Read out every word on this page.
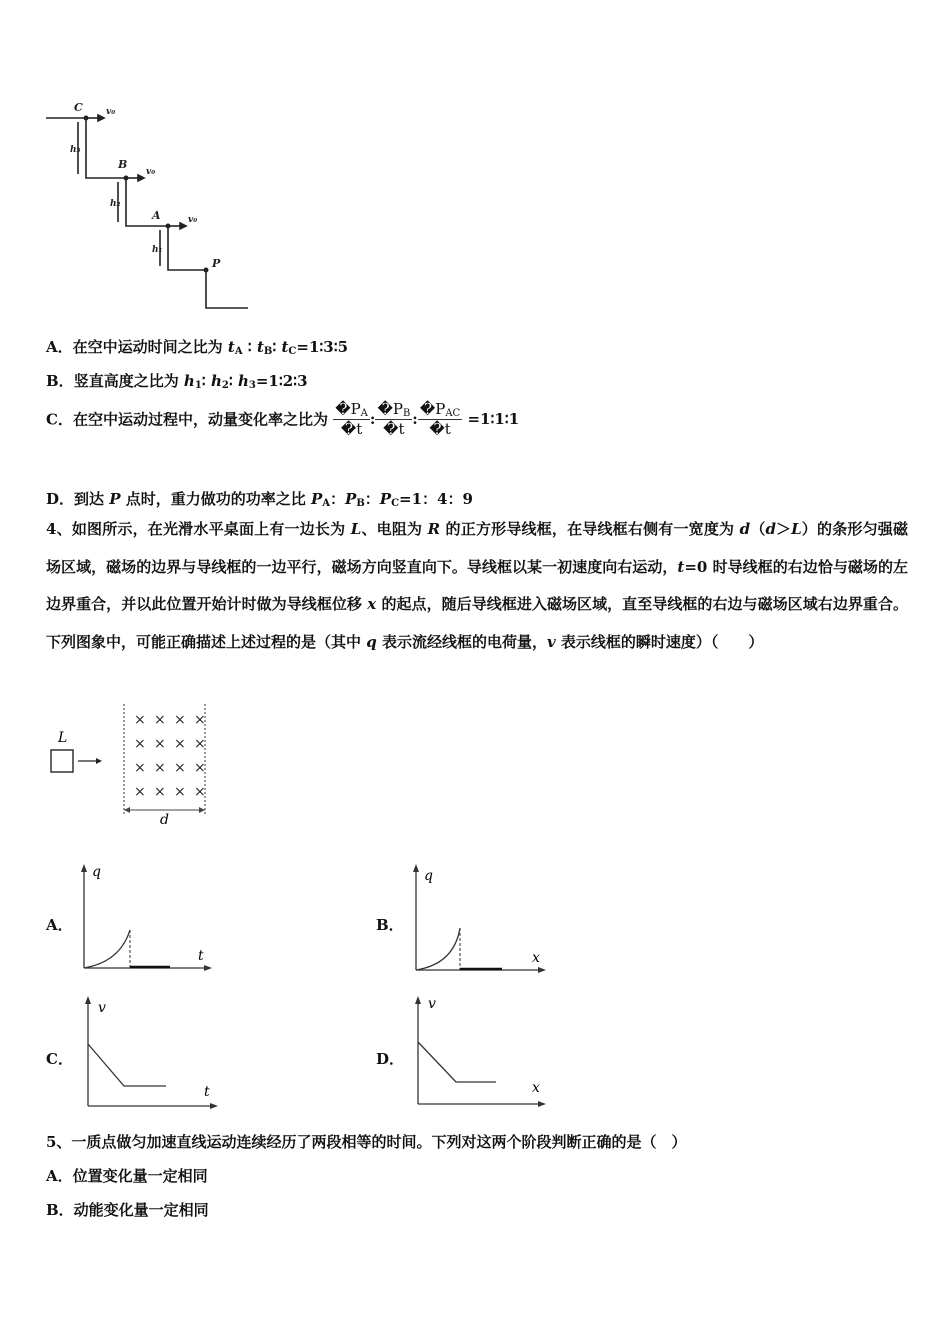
C
B
A
P
v₀
v₀
v₀
h₃
h₂
h₁
A．在空中运动时间之比为 $t_A$ ∶ $t_B∶$ $t_C=1∶3∶5$
B．竖直高度之比为 $h_1∶$ $h_2∶$ $h_3=1∶2∶3$
C．在空中运动过程中，动量变化率之比为 $\frac{�P_A}{�t}$ : $\frac{�P_B}{�t}$ : $\frac{�P_{AC}}{�t}$ =1∶1∶1
D．到达 P 点时，重力做功的功率之比 $P_A$：$P_B$：$P_C=1$：4：9
4、如图所示，在光滑水平桌面上有一边长为 L、电阻为 R 的正方形导线框，在导线框右侧有一宽度为 d（d＞L）的条形匀强磁场区域，磁场的边界与导线框的一边平行，磁场方向竖直向下。导线框以某一初速度向右运动，t=0 时导线框的右边恰与磁场的左边界重合，并以此位置开始计时做为导线框位移 x 的起点，随后导线框进入磁场区域，直至导线框的右边与磁场区域右边界重合。下列图象中，可能正确描述上述过程的是（其中 q 表示流经线框的电荷量，v 表示线框的瞬时速度）（　　）
L
× × × ×
× × × ×
× × × ×
× × × ×
d
A．
q
t
B．
q
x
C．
v
t
D．
v
x
5、一质点做匀加速直线运动连续经历了两段相等的时间。下列对这两个阶段判断正确的是（　）
A．位置变化量一定相同
B．动能变化量一定相同
